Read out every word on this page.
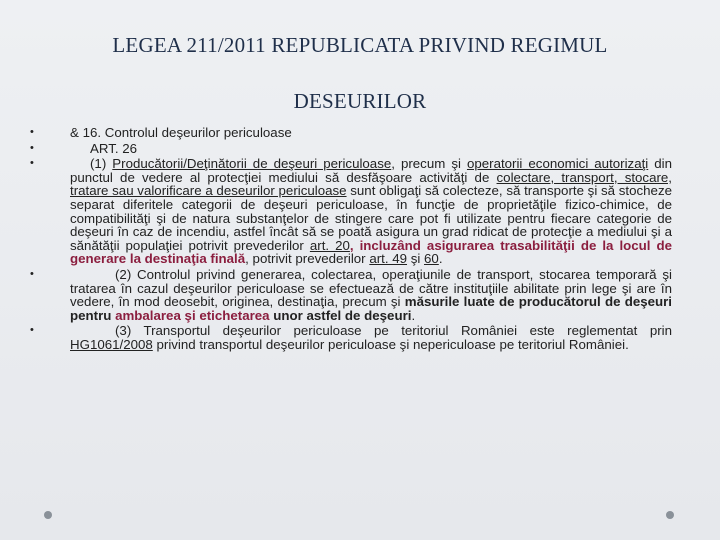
LEGEA 211/2011 REPUBLICATA PRIVIND REGIMUL
DESEURILOR
•	& 16. Controlul deşeurilor periculoase
•	ART. 26
•	(1) Producătorii/Deţinătorii de deşeuri periculoase, precum şi operatorii economici autorizaţi din punctul de vedere al protecţiei mediului să desfăşoare activităţi de colectare, transport, stocare, tratare sau valorificare a deseurilor periculoase sunt obligaţi să colecteze, să transporte şi să stocheze separat diferitele categorii de deşeuri periculoase, în funcţie de proprietăţile fizico-chimice, de compatibilităţi şi de natura substanţelor de stingere care pot fi utilizate pentru fiecare categorie de deşeuri în caz de incendiu, astfel încât să se poată asigura un grad ridicat de protecţie a mediului şi a sănătăţii populaţiei potrivit prevederilor art. 20, incluzând asigurarea trasabilităţii de la locul de generare la destinaţia finală, potrivit prevederilor art. 49 şi 60.
•	(2) Controlul privind generarea, colectarea, operaţiunile de transport, stocarea temporară şi tratarea în cazul deşeurilor periculoase se efectuează de către instituţiile abilitate prin lege şi are în vedere, în mod deosebit, originea, destinaţia, precum şi măsurile luate de producătorul de deşeuri pentru ambalarea şi etichetarea unor astfel de deşeuri.
•	(3) Transportul deşeurilor periculoase pe teritoriul României este reglementat prin HG1061/2008 privind transportul deşeurilor periculoase şi nepericuloase pe teritoriul României.
